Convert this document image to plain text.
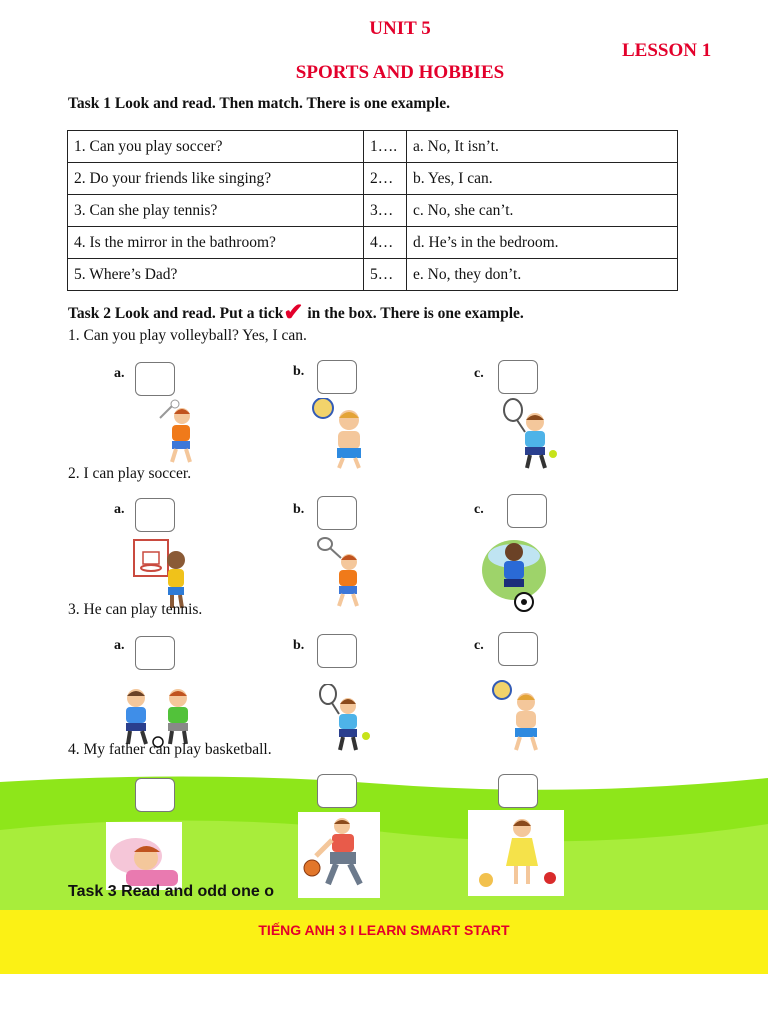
UNIT 5
LESSON 1
SPORTS AND HOBBIES
Task 1 Look and read. Then match. There is one example.
1. Can you play soccer?	1….	a. No, It isn’t.
2. Do your friends like singing?	2…	b. Yes, I can.
3. Can she play tennis?	3…	c. No, she can’t.
4. Is the mirror in the bathroom?	4…	d. He’s in the bedroom.
5. Where’s Dad?	5…	e. No, they don’t.
Task 2 Look and read. Put a tick✔ in the box. There is one example.
1. Can you play volleyball? Yes, I can.
a.	b.	c.
2. I can play soccer.
a.	b.	c.
3. He can play tennis.
a.	b.	c.
4. My father can play basketball.
Task 3 Read and odd one o
TIẾNG ANH 3 I LEARN SMART START
